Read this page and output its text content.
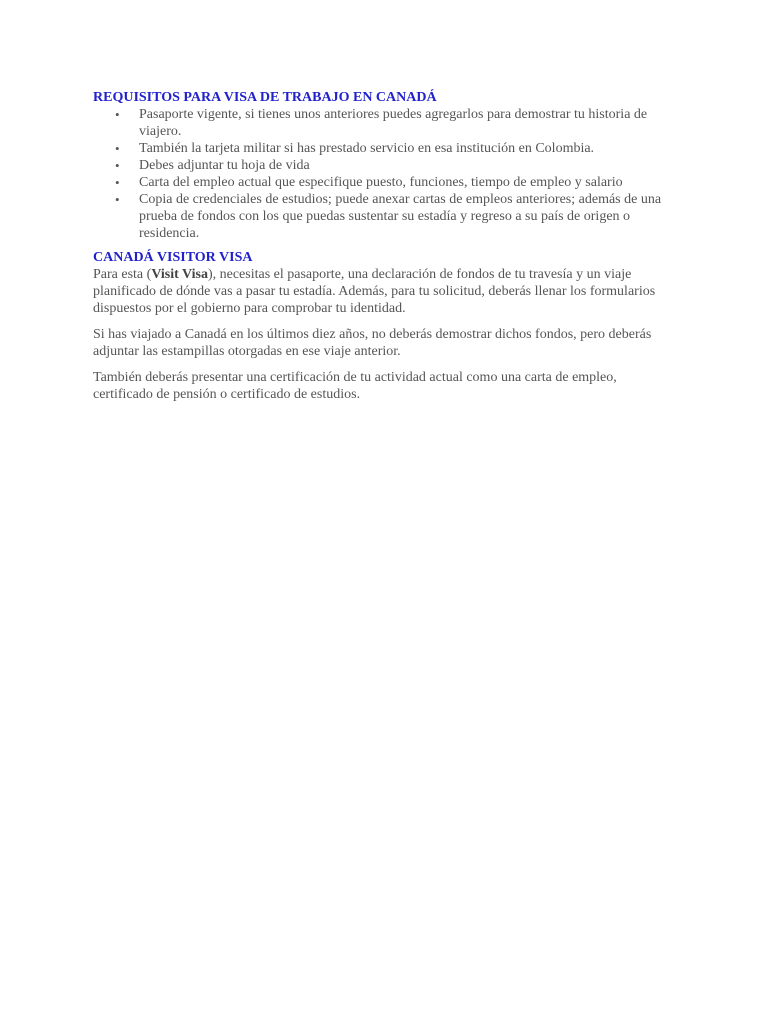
REQUISITOS PARA VISA DE TRABAJO EN CANADÁ
• Pasaporte vigente, si tienes unos anteriores puedes agregarlos para demostrar tu historia de viajero.
• También la tarjeta militar si has prestado servicio en esa institución en Colombia.
• Debes adjuntar tu hoja de vida
• Carta del empleo actual que especifique puesto, funciones, tiempo de empleo y salario
• Copia de credenciales de estudios; puede anexar cartas de empleos anteriores; además de una prueba de fondos con los que puedas sustentar su estadía y regreso a su país de origen o residencia.
CANADÁ VISITOR VISA

Para esta (Visit Visa), necesitas el pasaporte, una declaración de fondos de tu travesía y un viaje planificado de dónde vas a pasar tu estadía. Además, para tu solicitud, deberás llenar los formularios dispuestos por el gobierno para comprobar tu identidad.

Si has viajado a Canadá en los últimos diez años, no deberás demostrar dichos fondos, pero deberás adjuntar las estampillas otorgadas en ese viaje anterior.

También deberás presentar una certificación de tu actividad actual como una carta de empleo, certificado de pensión o certificado de estudios.
